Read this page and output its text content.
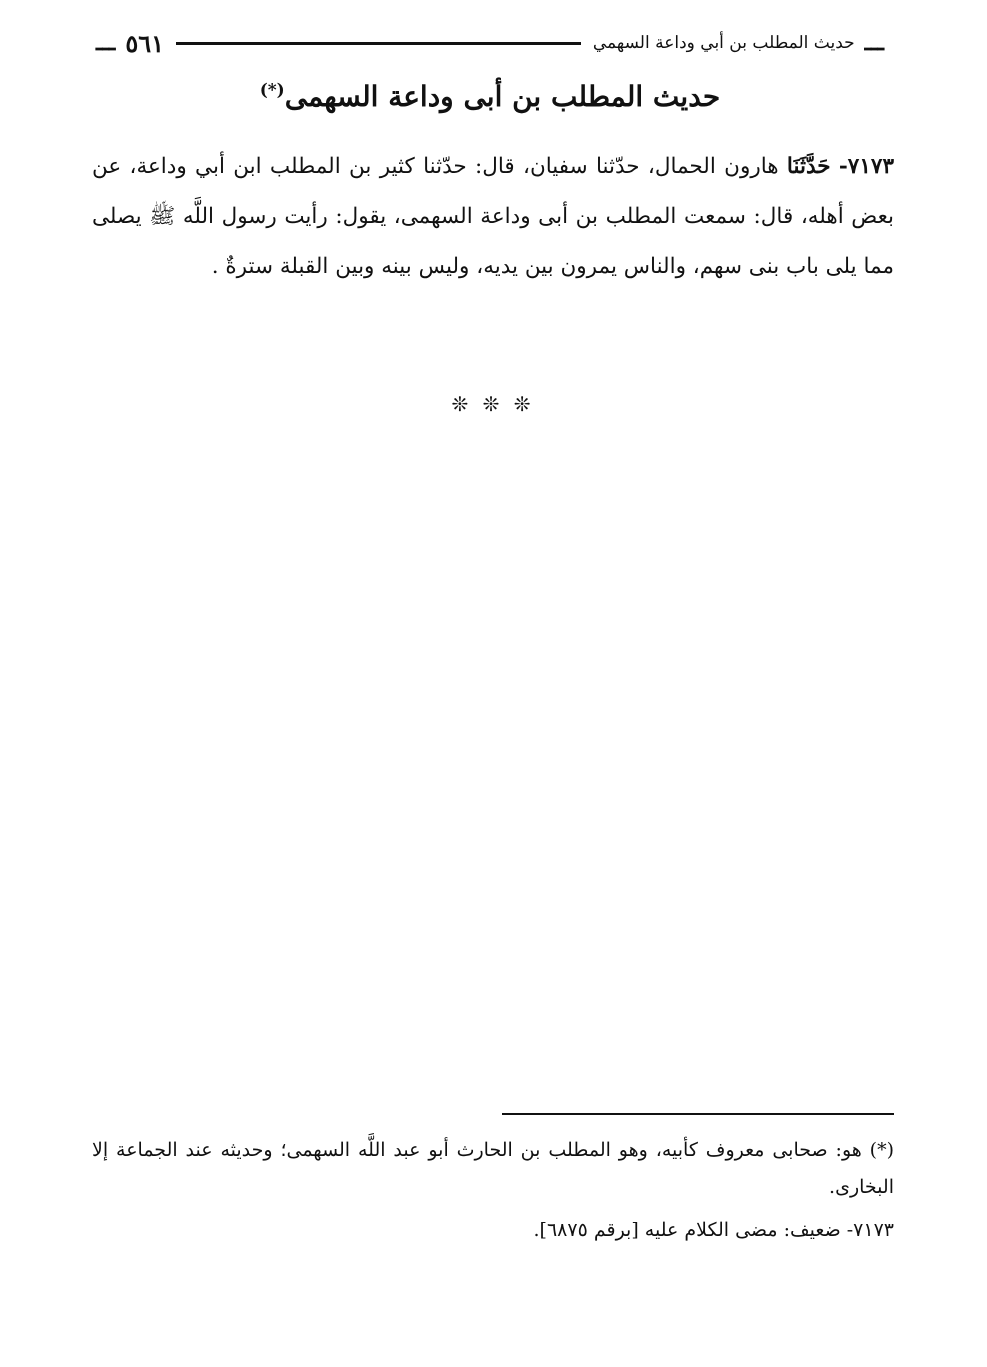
ـــ
حديث المطلب بن أبي وداعة السهمي
٥٦١
ـــ
حديث المطلب بن أبى وداعة السهمى(*)
٧١٧٣- حَدَّثَنَا هارون الحمال، حدّثنا سفيان، قال: حدّثنا كثير بن المطلب ابن أبي وداعة، عن بعض أهله، قال: سمعت المطلب بن أبى وداعة السهمى، يقول: رأيت رسول اللَّه ﷺ يصلى مما يلى باب بنى سهم، والناس يمرون بين يديه، وليس بينه وبين القبلة سترةٌ .
❊ ❊ ❊

(*) هو: صحابى معروف كأبيه، وهو المطلب بن الحارث أبو عبد اللَّه السهمى؛ وحديثه عند الجماعة إلا البخارى.

٧١٧٣- ضعيف: مضى الكلام عليه [برقم ٦٨٧٥].
